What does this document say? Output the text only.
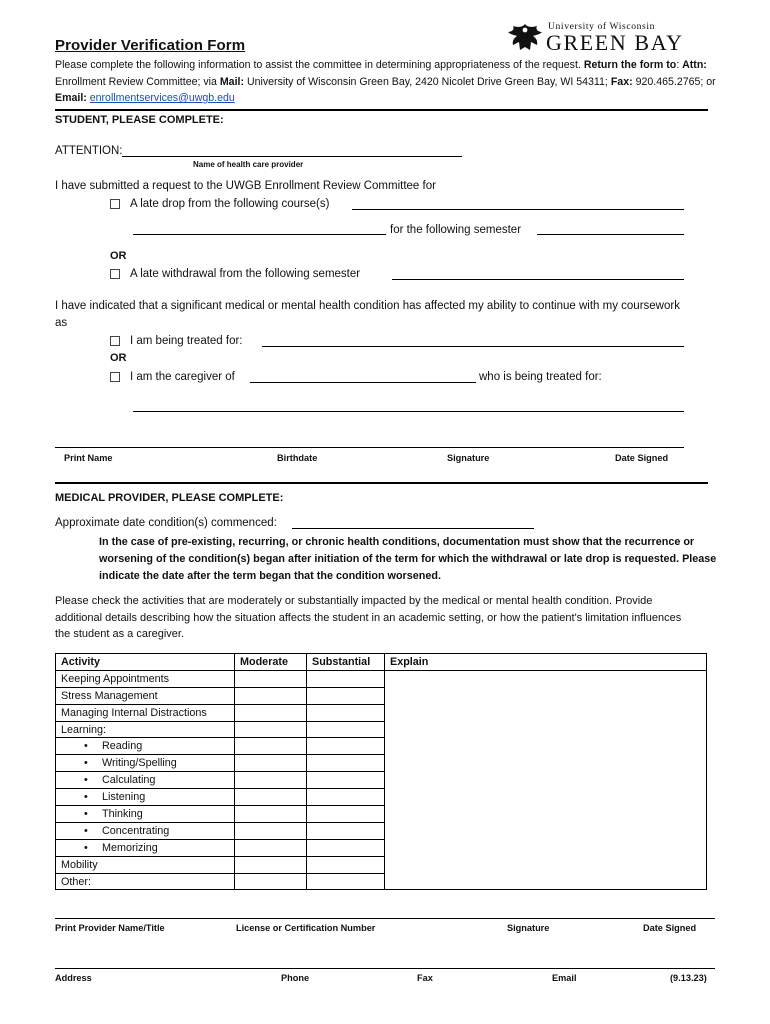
Provider Verification Form
University of Wisconsin
GREEN BAY
Please complete the following information to assist the committee in determining appropriateness of the request. Return the form to: Attn: Enrollment Review Committee; via Mail: University of Wisconsin Green Bay, 2420 Nicolet Drive Green Bay, WI 54311; Fax: 920.465.2765; or Email: enrollmentservices@uwgb.edu
STUDENT, PLEASE COMPLETE:
ATTENTION:
Name of health care provider
I have submitted a request to the UWGB Enrollment Review Committee for
A late drop from the following course(s)
for the following semester
OR
A late withdrawal from the following semester
I have indicated that a significant medical or mental health condition has affected my ability to continue with my coursework as
I am being treated for:
OR
I am the caregiver of	who is being treated for:
Print Name	Birthdate	Signature	Date Signed
MEDICAL PROVIDER, PLEASE COMPLETE:
Approximate date condition(s) commenced:
In the case of pre-existing, recurring, or chronic health conditions, documentation must show that the recurrence or worsening of the condition(s) began after initiation of the term for which the withdrawal or late drop is requested. Please indicate the date after the term began that the condition worsened.
Please check the activities that are moderately or substantially impacted by the medical or mental health condition. Provide additional details describing how the situation affects the student in an academic setting, or how the patient's limitation influences the student as a caregiver.
Activity	Moderate	Substantial	Explain
Keeping Appointments			
Stress Management			
Managing Internal Distractions			
Learning:			
• Reading		
• Writing/Spelling		
• Calculating		
• Listening		
• Thinking		
• Concentrating		
• Memorizing		
Mobility			
Other:			
Print Provider Name/Title	License or Certification Number	Signature	Date Signed
Address	Phone	Fax	Email	(9.13.23)
